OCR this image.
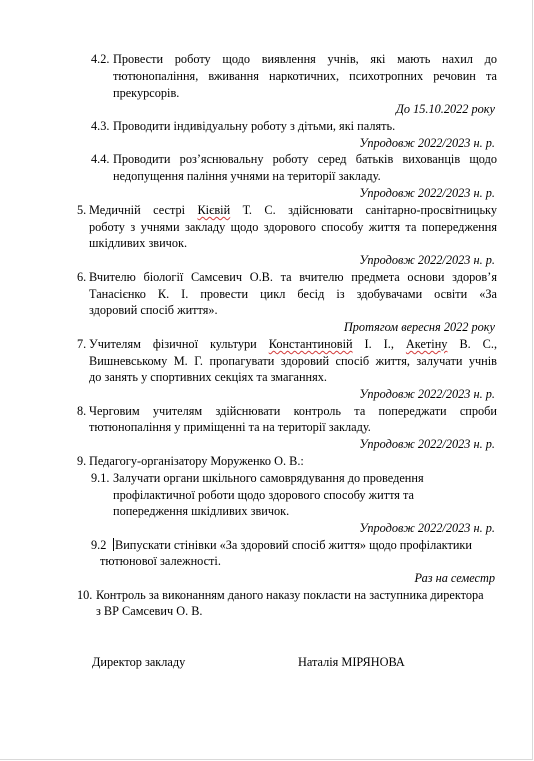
4.2. Провести роботу щодо виявлення учнів, які мають нахил до
тютюнопаління, вживання наркотичних, психотропних речовин та
прекурсорів.
До 15.10.2022 року
4.3. Проводити індивідуальну роботу з дітьми, які палять.
Упродовж 2022/2023 н. р.
4.4. Проводити роз’яснювальну роботу серед батьків вихованців щодо
недопущення паління учнями на території закладу.
Упродовж 2022/2023 н. р.
5. Медичній сестрі Кієвій Т. С. здійснювати санітарно-просвітницьку
роботу з учнями закладу щодо здорового способу життя та попередження
шкідливих звичок.
Упродовж 2022/2023 н. р.
6. Вчителю біології Самсевич О.В. та вчителю предмета основи здоров’я
Танасієнко К. І. провести цикл бесід із здобувачами освіти «За
здоровий спосіб життя».
Протягом вересня 2022 року
7. Учителям фізичної культури Константиновій І. І., Акетіну В. С.,
Вишневському М. Г. пропагувати здоровий спосіб життя, залучати учнів
до занять у спортивних секціях та змаганнях.
Упродовж 2022/2023 н. р.
8. Черговим учителям здійснювати контроль та попереджати спроби
тютюнопаління у приміщенні та на території закладу.
Упродовж 2022/2023 н. р.
9. Педагогу-організатору Моруженко О. В.:
9.1. Залучати органи шкільного самоврядування до проведення
профілактичної роботи щодо здорового способу життя та
попередження шкідливих звичок.
Упродовж 2022/2023 н. р.
9.2 Випускати стінівки «За здоровий спосіб життя» щодо профілактики
тютюнової залежності.
Раз на семестр
10. Контроль за виконанням даного наказу покласти на заступника директора
з ВР Самсевич О. В.
Директор закладу	Наталія МІРЯНОВА
